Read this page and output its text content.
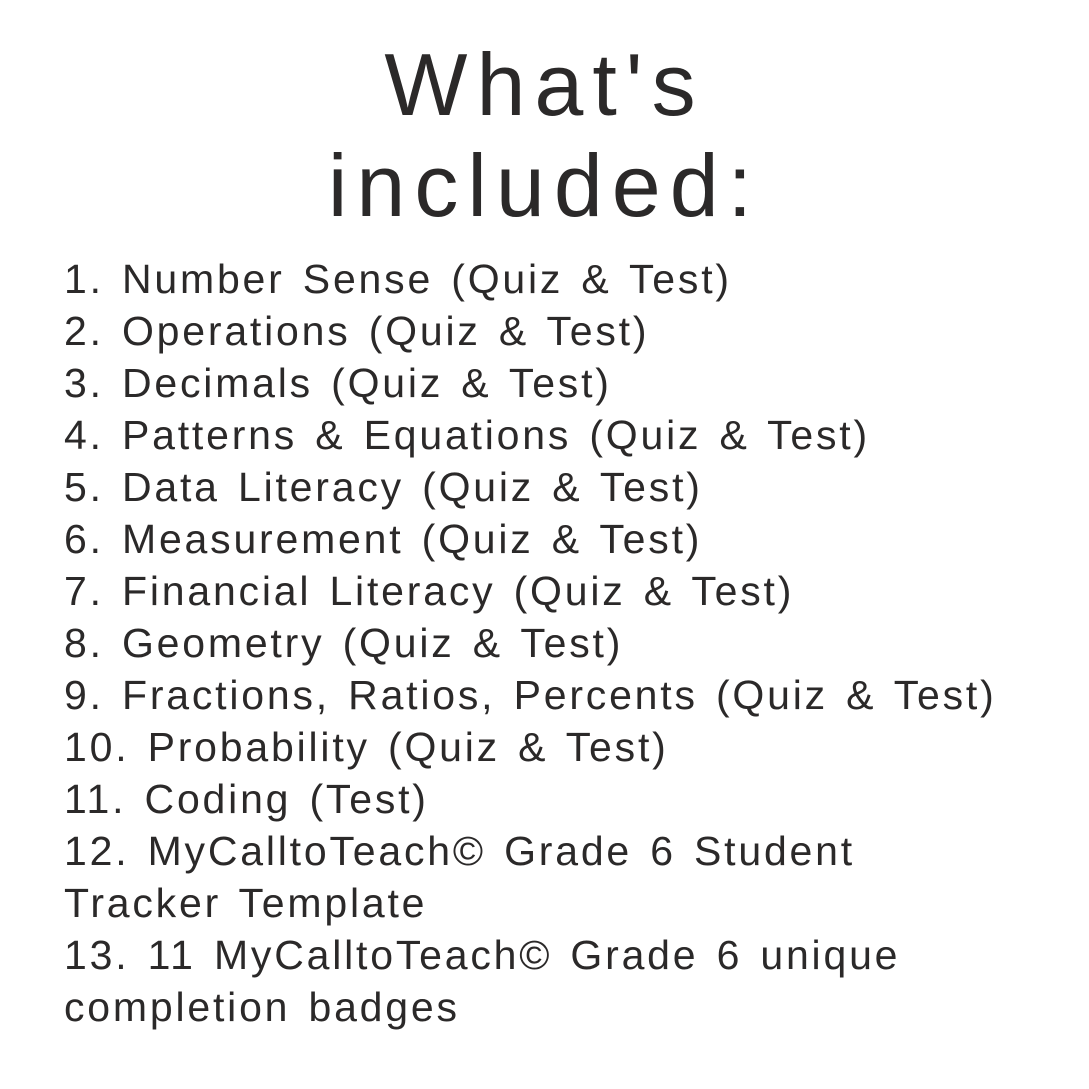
What's
included:
1. Number Sense (Quiz & Test)
2. Operations (Quiz & Test)
3. Decimals (Quiz & Test)
4. Patterns & Equations (Quiz & Test)
5. Data Literacy (Quiz & Test)
6. Measurement (Quiz & Test)
7. Financial Literacy (Quiz & Test)
8. Geometry (Quiz & Test)
9. Fractions, Ratios, Percents (Quiz & Test)
10. Probability (Quiz & Test)
11. Coding (Test)
12. MyCalltoTeach© Grade 6 Student
Tracker Template
13. 11 MyCalltoTeach© Grade 6 unique
completion badges
